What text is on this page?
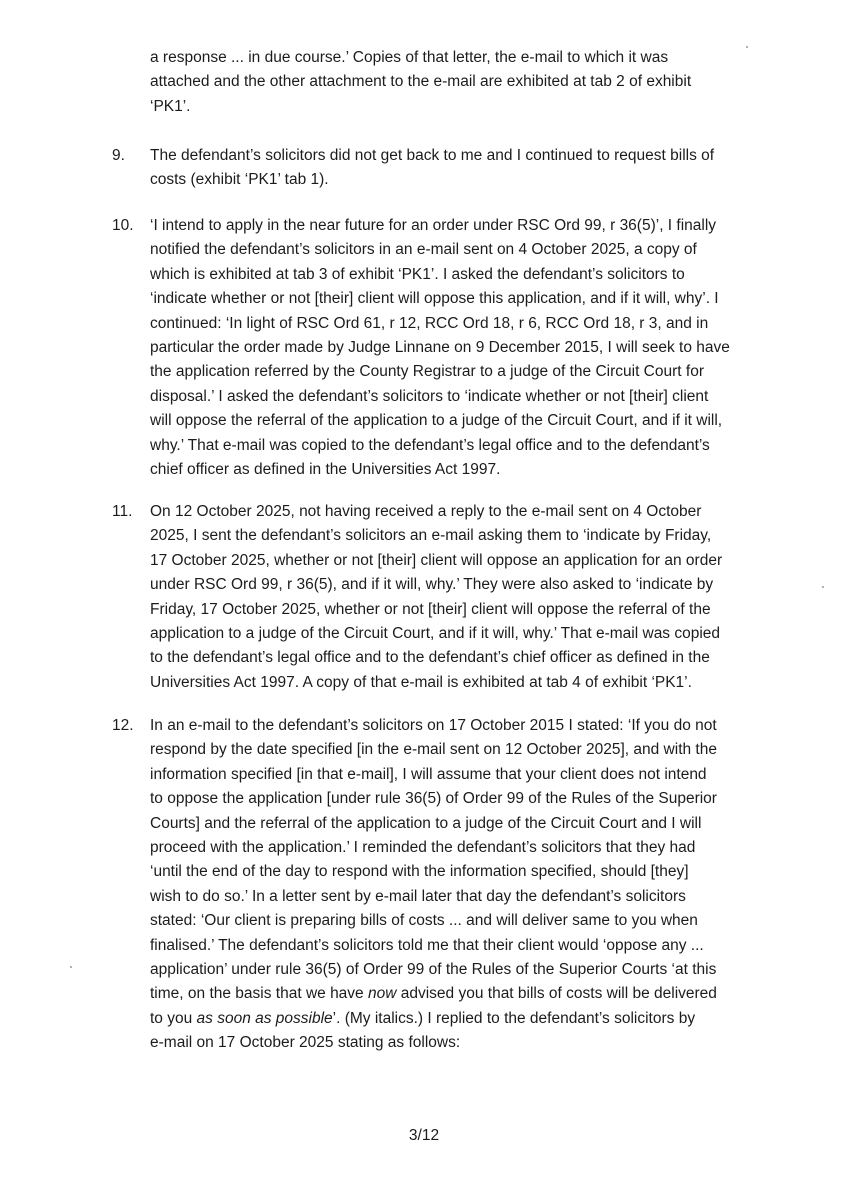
a response ... in due course.’ Copies of that letter, the e-mail to which it was
attached and the other attachment to the e-mail are exhibited at tab 2 of exhibit
‘PK1’.
9.	The defendant’s solicitors did not get back to me and I continued to request bills of
costs (exhibit ‘PK1’ tab 1).
10.	‘I intend to apply in the near future for an order under RSC Ord 99, r 36(5)’, I finally
notified the defendant’s solicitors in an e-mail sent on 4 October 2025, a copy of
which is exhibited at tab 3 of exhibit ‘PK1’. I asked the defendant’s solicitors to
‘indicate whether or not [their] client will oppose this application, and if it will, why’. I
continued: ‘In light of RSC Ord 61, r 12, RCC Ord 18, r 6, RCC Ord 18, r 3, and in
particular the order made by Judge Linnane on 9 December 2015, I will seek to have
the application referred by the County Registrar to a judge of the Circuit Court for
disposal.’ I asked the defendant’s solicitors to ‘indicate whether or not [their] client
will oppose the referral of the application to a judge of the Circuit Court, and if it will,
why.’ That e-mail was copied to the defendant’s legal office and to the defendant’s
chief officer as defined in the Universities Act 1997.
11.	On 12 October 2025, not having received a reply to the e-mail sent on 4 October
2025, I sent the defendant’s solicitors an e-mail asking them to ‘indicate by Friday,
17 October 2025, whether or not [their] client will oppose an application for an order
under RSC Ord 99, r 36(5), and if it will, why.’ They were also asked to ‘indicate by
Friday, 17 October 2025, whether or not [their] client will oppose the referral of the
application to a judge of the Circuit Court, and if it will, why.’ That e-mail was copied
to the defendant’s legal office and to the defendant’s chief officer as defined in the
Universities Act 1997. A copy of that e-mail is exhibited at tab 4 of exhibit ‘PK1’.
12.	In an e-mail to the defendant’s solicitors on 17 October 2015 I stated: ‘If you do not
respond by the date specified [in the e-mail sent on 12 October 2025], and with the
information specified [in that e-mail], I will assume that your client does not intend
to oppose the application [under rule 36(5) of Order 99 of the Rules of the Superior
Courts] and the referral of the application to a judge of the Circuit Court and I will
proceed with the application.’ I reminded the defendant’s solicitors that they had
‘until the end of the day to respond with the information specified, should [they]
wish to do so.’ In a letter sent by e-mail later that day the defendant’s solicitors
stated: ‘Our client is preparing bills of costs ... and will deliver same to you when
finalised.’ The defendant’s solicitors told me that their client would ‘oppose any ...
application’ under rule 36(5) of Order 99 of the Rules of the Superior Courts ‘at this
time, on the basis that we have now advised you that bills of costs will be delivered
to you as soon as possible’. (My italics.) I replied to the defendant’s solicitors by
e-mail on 17 October 2025 stating as follows:
3/12
